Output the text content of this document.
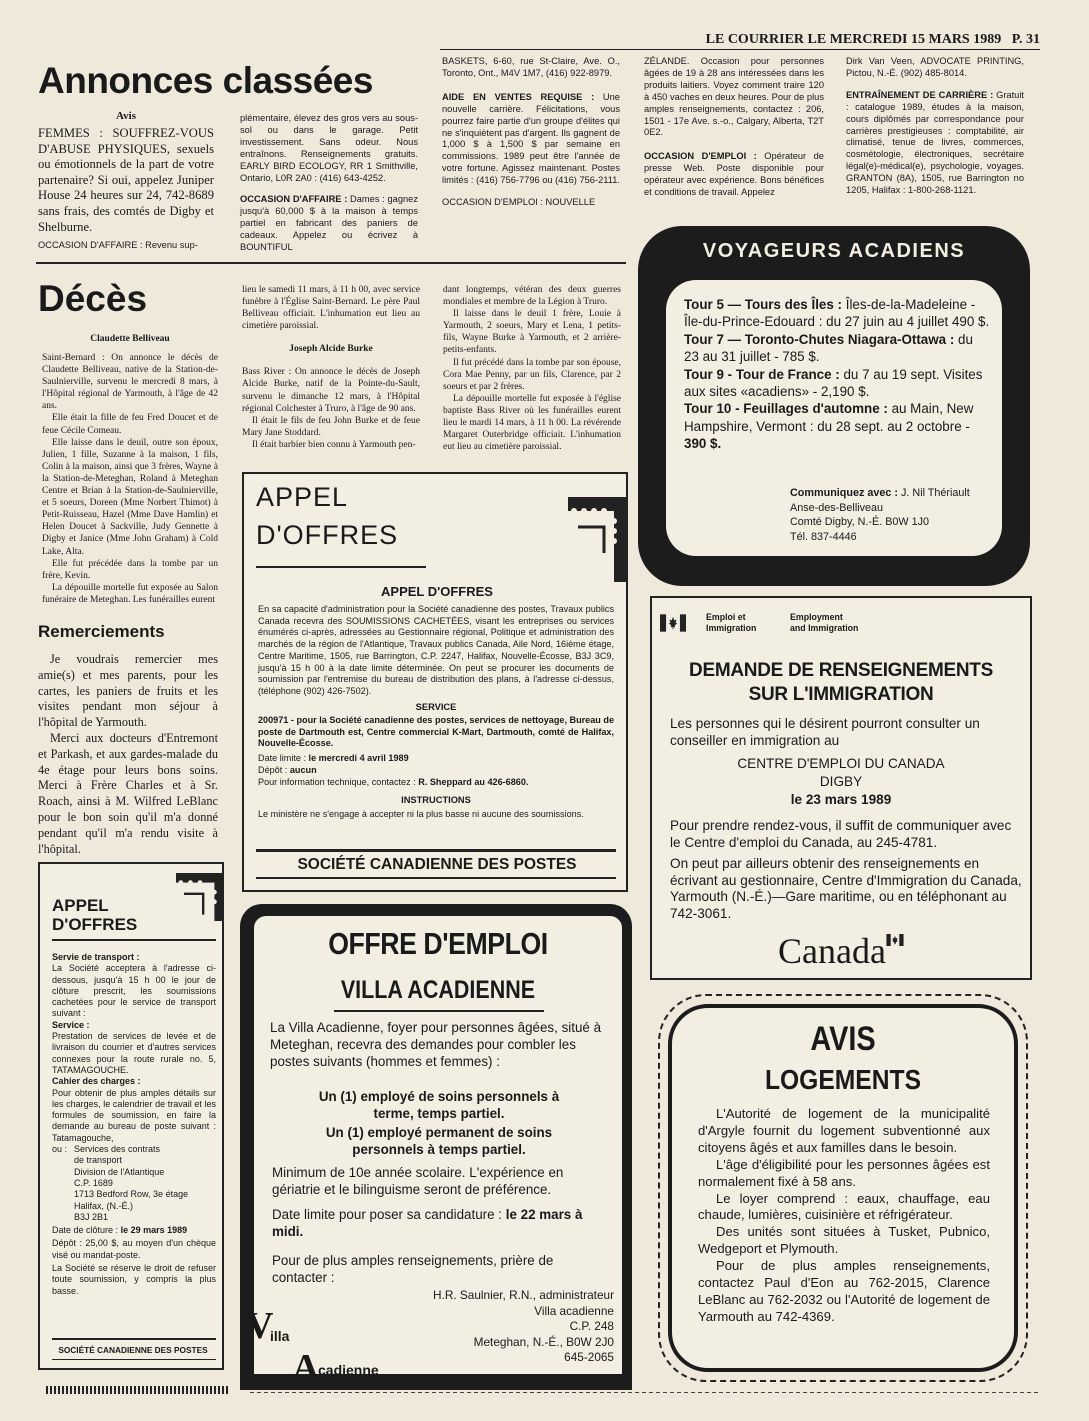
LE COURRIER LE MERCREDI 15 MARS 1989   P. 31
Annonces classées
Avis

FEMMES : SOUFFREZ-VOUS D'ABUSE PHYSIQUES, sexuels ou émotionnels de la part de votre partenaire? Si oui, appelez Juniper House 24 heures sur 24, 742-8689 sans frais, des comtés de Digby et Shelburne.

OCCASION D'AFFAIRE : Revenu sup-

plémentaire, élevez des gros vers au sous-sol ou dans le garage. Petit investissement. Sans odeur. Nous entraînons. Renseignements gratuits. EARLY BIRD ECOLOGY, RR 1 Smithville, Ontario, L0R 2A0 : (416) 643-4252.

OCCASION D'AFFAIRE : Dames : gagnez jusqu'à 60,000 $ à la maison à temps partiel en fabricant des paniers de cadeaux. Appelez ou écrivez à BOUNTIFUL

BASKETS, 6-60, rue St-Claire, Ave. O., Toronto, Ont., M4V 1M7, (416) 922-8979.

AIDE EN VENTES REQUISE : Une nouvelle carrière. Félicitations, vous pourrez faire partie d'un groupe d'élites qui ne s'inquiètent pas d'argent. Ils gagnent de 1,000 $ à 1,500 $ par semaine en commissions. 1989 peut être l'année de votre fortune. Agissez maintenant. Postes limités : (416) 756-7796 ou (416) 756-2111.

OCCASION D'EMPLOI : NOUVELLE

ZÉLANDE. Occasion pour personnes âgées de 19 à 28 ans intéressées dans les produits laitiers. Voyez comment traire 120 à 450 vaches en deux heures. Pour de plus amples renseignements, contactez : 206, 1501 - 17e Ave. s.-o., Calgary, Alberta, T2T 0E2.

OCCASION D'EMPLOI : Opérateur de presse Web. Poste disponible pour opérateur avec expérience. Bons bénéfices et conditions de travail. Appelez

Dirk Van Veen, ADVOCATE PRINTING, Pictou, N.-É. (902) 485-8014.

ENTRAÎNEMENT DE CARRIÈRE : Gratuit : catalogue 1989, études à la maison, cours diplômés par correspondance pour carrières prestigieuses : comptabilité, air climatisé, tenue de livres, commerces, cosmétologie, électroniques, secrétaire légal(e)-médical(e), psychologie, voyages. GRANTON (8A), 1505, rue Barrington no 1205, Halifax : 1-800-268-1121.

Décès
Claudette Belliveau

Saint-Bernard : On annonce le décès de Claudette Belliveau, native de la Station-de-Saulnierville, survenu le mercredi 8 mars, à l'Hôpital régional de Yarmouth, à l'âge de 42 ans.

Elle était la fille de feu Fred Doucet et de feue Cécile Comeau.

Elle laisse dans le deuil, outre son époux, Julien, 1 fille, Suzanne à la maison, 1 fils, Colin à la maison, ainsi que 3 frères, Wayne à la Station-de-Meteghan, Roland à Meteghan Centre et Brian à la Station-de-Saulnierville, et 5 soeurs, Doreen (Mme Norbert Thimot) à Petit-Ruisseau, Hazel (Mme Dave Hamlin) et Helen Doucet à Sackville, Judy Gennette à Digby et Janice (Mme John Graham) à Cold Lake, Alta.

Elle fut précédée dans la tombe par un frère, Kevin.

La dépouille mortelle fut exposée au Salon funéraire de Meteghan. Les funérailles eurent

lieu le samedi 11 mars, à 11 h 00, avec service funèbre à l'Église Saint-Bernard. Le père Paul Belliveau officiait. L'inhumation eut lieu au cimetière paroissial.

Joseph Alcide Burke

Bass River : On annonce le décès de Joseph Alcide Burke, natif de la Pointe-du-Sault, survenu le dimanche 12 mars, à l'Hôpital régional Colchester à Truro, à l'âge de 90 ans.

Il était le fils de feu John Burke et de feue Mary Jane Stoddard.

Il était barbier bien connu à Yarmouth pen-

dant longtemps, vétéran des deux guerres mondiales et membre de la Légion à Truro.

Il laisse dans le deuil 1 frère, Louie à Yarmouth, 2 soeurs, Mary et Lena, 1 petits-fils, Wayne Burke à Yarmouth, et 2 arrière-petits-enfants.

Il fut précédé dans la tombe par son épouse, Cora Mae Penny, par un fils, Clarence, par 2 soeurs et par 2 frères.

La dépouille mortelle fut exposée à l'église baptiste Bass River où les funérailles eurent lieu le mardi 14 mars, à 11 h 00. La révérende Margaret Outerbridge officiait. L'inhumation eut lieu au cimetière paroissial.

Remerciements

Je voudrais remercier mes amie(s) et mes parents, pour les cartes, les paniers de fruits et les visites pendant mon séjour à l'hôpital de Yarmouth.

Merci aux docteurs d'Entremont et Parkash, et aux gardes-malade du 4e étage pour leurs bons soins. Merci à Frère Charles et à Sr. Roach, ainsi à M. Wilfred LeBlanc pour le bon soin qu'il m'a donné pendant qu'il m'a rendu visite à l'hôpital.

APPEL
D'OFFRES
APPEL D'OFFRES

En sa capacité d'administration pour la Société canadienne des postes, Travaux publics Canada recevra des SOUMISSIONS CACHETÉES, visant les entreprises ou services énumérés ci-après, adressées au Gestionnaire régional, Politique et administration des marchés de la région de l'Atlantique, Travaux publics Canada, Aile Nord, 16ième étage, Centre Maritime, 1505, rue Barrington, C.P. 2247, Halifax, Nouvelle-Écosse, B3J 3C9, jusqu'à 15 h 00 à la date limite déterminée. On peut se procurer les documents de soumission par l'entremise du bureau de distribution des plans, à l'adresse ci-dessus, (téléphone (902) 426-7502).

SERVICE

200971 - pour la Société canadienne des postes, services de nettoyage, Bureau de poste de Dartmouth est, Centre commercial K-Mart, Dartmouth, comté de Halifax, Nouvelle-Écosse.

Date limite : le mercredi 4 avril 1989

Dépôt : aucun

Pour information technique, contactez : R. Sheppard au 426-6860.

INSTRUCTIONS

Le ministère ne s'engage à accepter ni la plus basse ni aucune des soumissions.

SOCIÉTÉ CANADIENNE DES POSTES
APPEL
D'OFFRES
Servie de transport :

La Société acceptera à l'adresse ci-dessous, jusqu'à 15 h 00 le jour de clôture prescrit, les soumissions cachetées pour le service de transport suivant :

Service :

Prestation de services de levée et de livraison du courrier et d'autres services connexes pour la route rurale no. 5, TATAMAGOUCHE.

Cahier des charges :

Pour obtenir de plus amples détails sur les charges, le calendrier de travail et les formules de soumission, en faire la demande au bureau de poste suivant : Tatamagouche,

ou : Services des contrats
de transport
Division de l'Atlantique
C.P. 1689
1713 Bedford Row, 3e étage
Halifax, (N.-É.)
B3J 2B1

Date de clôture : le 29 mars 1989

Dépôt : 25,00 $, au moyen d'un chèque visé ou mandat-poste.

La Société se réserve le droit de refuser toute soumission, y compris la plus basse.

SOCIÉTÉ CANADIENNE DES POSTES
VOYAGEURS ACADIENS

Tour 5 — Tours des Îles : Îles-de-la-Madeleine - Île-du-Prince-Edouard : du 27 juin au 4 juillet 490 $.

Tour 7 — Toronto-Chutes Niagara-Ottawa : du 23 au 31 juillet - 785 $.

Tour 9 - Tour de France : du 7 au 19 sept. Visites aux sites «acadiens» - 2,190 $.

Tour 10 - Feuillages d'automne : au Main, New Hampshire, Vermont : du 28 sept. au 2 octobre - 390 $.

Communiquez avec : J. Nil Thériault
Anse-des-Belliveau
Comté Digby, N.-É. B0W 1J0
Tél. 837-4446
Emploi et
Immigration
Employment
and Immigration
DEMANDE DE RENSEIGNEMENTS
SUR L'IMMIGRATION
Les personnes qui le désirent pourront consulter un conseiller en immigration au
CENTRE D'EMPLOI DU CANADA
DIGBY
le 23 mars 1989
Pour prendre rendez-vous, il suffit de communiquer avec le Centre d'emploi du Canada, au 245-4781.
On peut par ailleurs obtenir des renseignements en écrivant au gestionnaire, Centre d'Immigration du Canada, Yarmouth (N.-É.)—Gare maritime, ou en téléphonant au 742-3061.
Canada
OFFRE D'EMPLOI
VILLA ACADIENNE
La Villa Acadienne, foyer pour personnes âgées, situé à Meteghan, recevra des demandes pour combler les postes suivants (hommes et femmes) :
Un (1) employé de soins personnels à terme, temps partiel.
Un (1) employé permanent de soins personnels à temps partiel.
Minimum de 10e année scolaire. L'expérience en gériatrie et le bilinguisme seront de préférence.
Date limite pour poser sa candidature : le 22 mars à midi.
Pour de plus amples renseignements, prière de contacter :
H.R. Saulnier, R.N., administrateur
Villa acadienne
C.P. 248
Meteghan, N.-É., B0W 2J0
645-2065
V
illa
A
cadienne
AVIS
LOGEMENTS

L'Autorité de logement de la municipalité d'Argyle fournit du logement subventionné aux citoyens âgés et aux familles dans le besoin.

L'âge d'éligibilité pour les personnes âgées est normalement fixé à 58 ans.

Le loyer comprend : eaux, chauffage, eau chaude, lumières, cuisinière et réfrigérateur.

Des unités sont situées à Tusket, Pubnico, Wedgeport et Plymouth.

Pour de plus amples renseignements, contactez Paul d'Eon au 762-2015, Clarence LeBlanc au 762-2032 ou l'Autorité de logement de Yarmouth au 742-4369.
